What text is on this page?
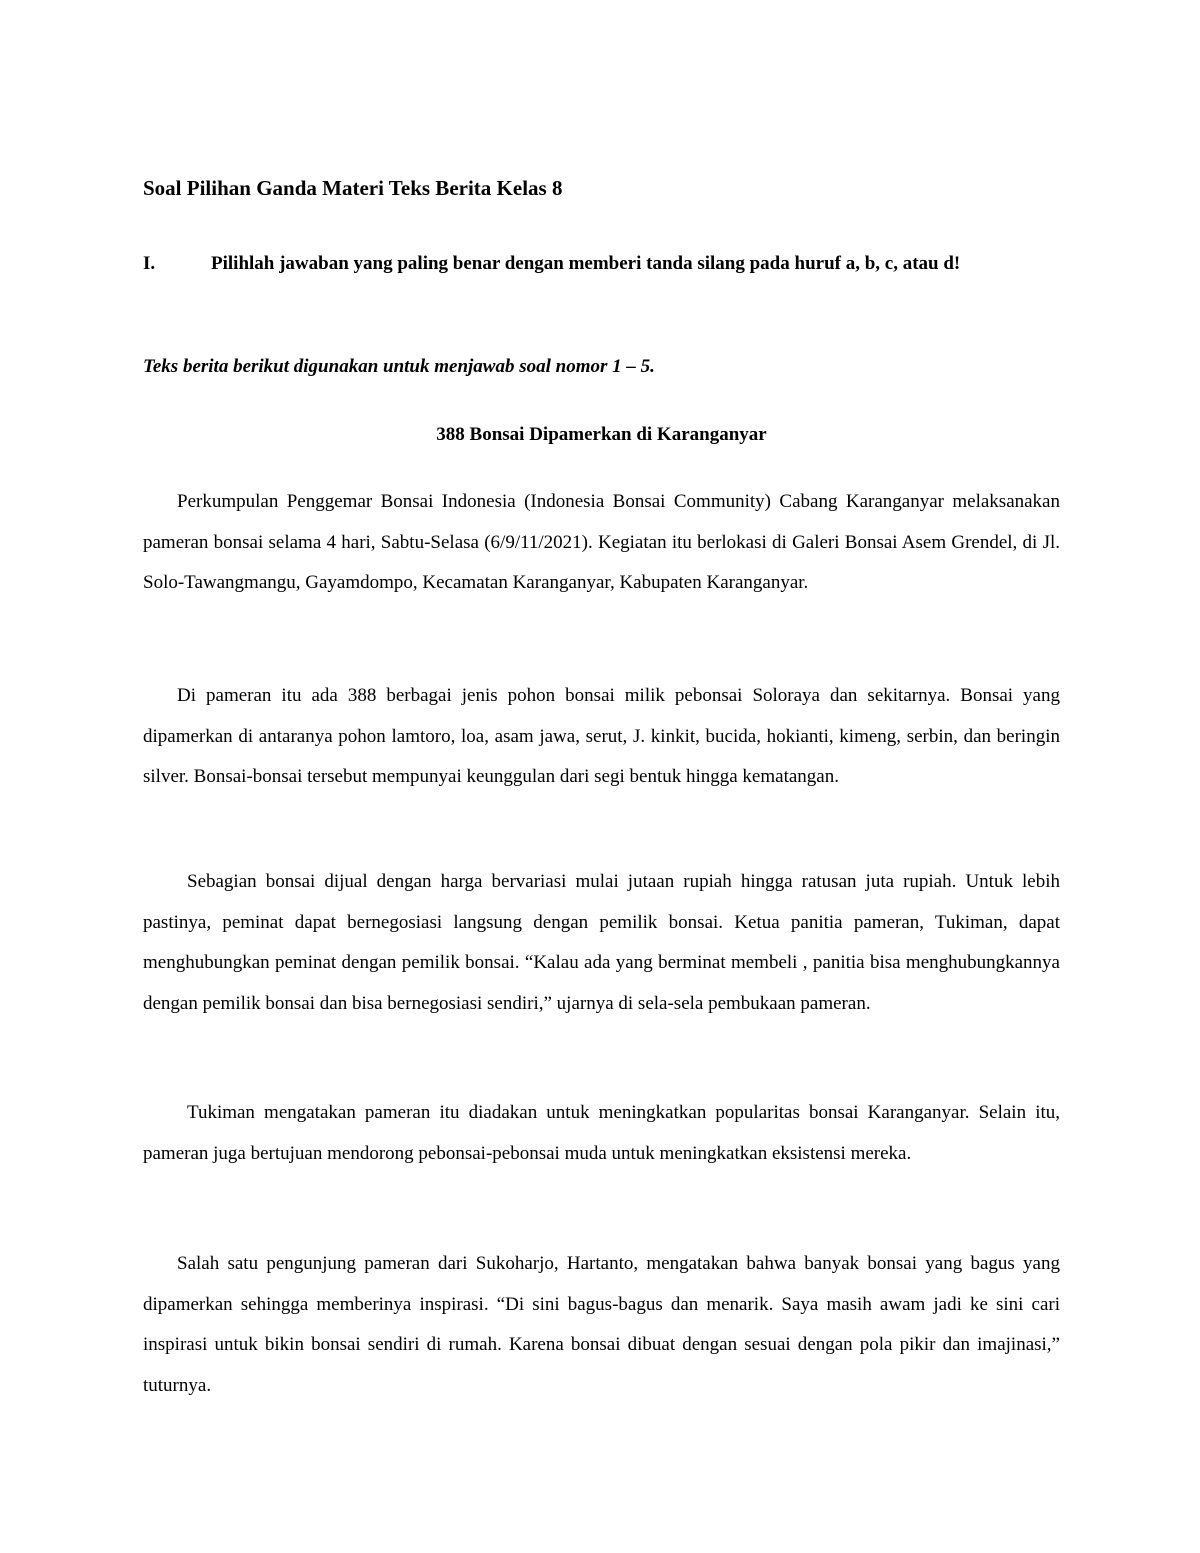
Soal Pilihan Ganda Materi Teks Berita Kelas 8
I.	Pilihlah jawaban yang paling benar dengan memberi tanda silang pada huruf a, b, c, atau d!
Teks berita berikut digunakan untuk menjawab soal nomor 1 – 5.
388 Bonsai Dipamerkan di Karanganyar

Perkumpulan Penggemar Bonsai Indonesia (Indonesia Bonsai Community) Cabang Karanganyar melaksanakan pameran bonsai selama 4 hari, Sabtu-Selasa (6/9/11/2021). Kegiatan itu berlokasi di Galeri Bonsai Asem Grendel, di Jl. Solo-Tawangmangu, Gayamdompo, Kecamatan Karanganyar, Kabupaten Karanganyar.

Di pameran itu ada 388 berbagai jenis pohon bonsai milik pebonsai Soloraya dan sekitarnya. Bonsai yang dipamerkan di antaranya pohon lamtoro, loa, asam jawa, serut, J. kinkit, bucida, hokianti, kimeng, serbin, dan beringin silver. Bonsai-bonsai tersebut mempunyai keunggulan dari segi bentuk hingga kematangan.

Sebagian bonsai dijual dengan harga bervariasi mulai jutaan rupiah hingga ratusan juta rupiah. Untuk lebih pastinya, peminat dapat bernegosiasi langsung dengan pemilik bonsai. Ketua panitia pameran, Tukiman, dapat menghubungkan peminat dengan pemilik bonsai. “Kalau ada yang berminat membeli , panitia bisa menghubungkannya dengan pemilik bonsai dan bisa bernegosiasi sendiri,” ujarnya di sela-sela pembukaan pameran.

Tukiman mengatakan pameran itu diadakan untuk meningkatkan popularitas bonsai Karanganyar. Selain itu, pameran juga bertujuan mendorong pebonsai-pebonsai muda untuk meningkatkan eksistensi mereka.

Salah satu pengunjung pameran dari Sukoharjo, Hartanto, mengatakan bahwa banyak bonsai yang bagus yang dipamerkan sehingga memberinya inspirasi. “Di sini bagus-bagus dan menarik. Saya masih awam jadi ke sini cari inspirasi untuk bikin bonsai sendiri di rumah. Karena bonsai dibuat dengan sesuai dengan pola pikir dan imajinasi,” tuturnya.
